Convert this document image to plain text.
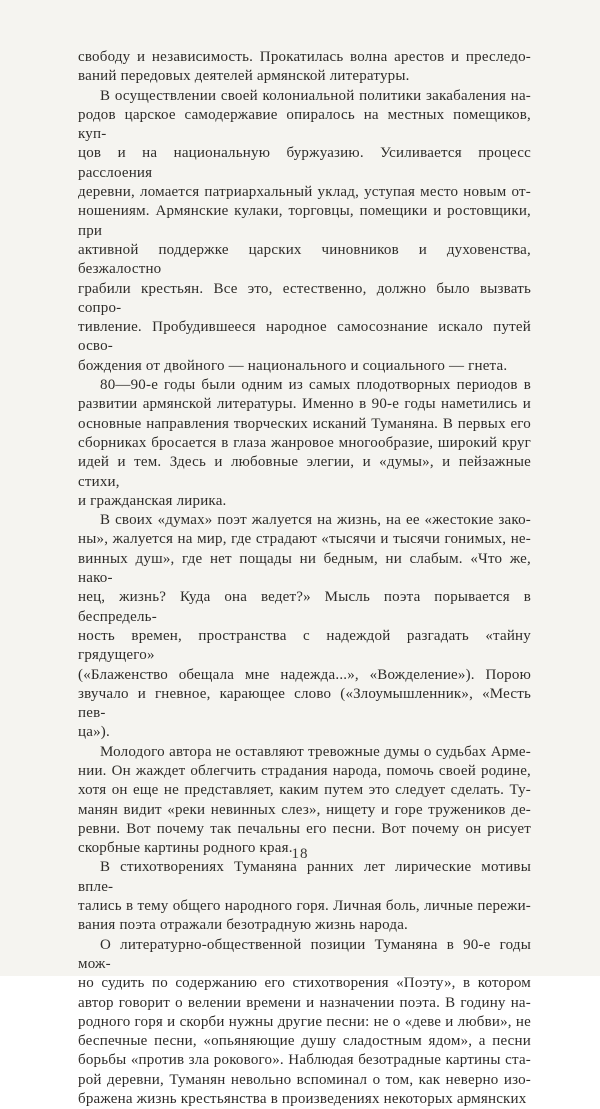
свободу и независимость. Прокатилась волна арестов и преследо-
ваний передовых деятелей армянской литературы.
В осуществлении своей колониальной политики закабаления на-
родов царское самодержавие опиралось на местных помещиков, куп-
цов и на национальную буржуазию. Усиливается процесс расслоения
деревни, ломается патриархальный уклад, уступая место новым от-
ношениям. Армянские кулаки, торговцы, помещики и ростовщики, при
активной поддержке царских чиновников и духовенства, безжалостно
грабили крестьян. Все это, естественно, должно было вызвать сопро-
тивление. Пробудившееся народное самосознание искало путей осво-
бождения от двойного — национального и социального — гнета.
80—90-е годы были одним из самых плодотворных периодов в
развитии армянской литературы. Именно в 90-е годы наметились и
основные направления творческих исканий Туманяна. В первых его
сборниках бросается в глаза жанровое многообразие, широкий круг
идей и тем. Здесь и любовные элегии, и «думы», и пейзажные стихи,
и гражданская лирика.
В своих «думах» поэт жалуется на жизнь, на ее «жестокие зако-
ны», жалуется на мир, где страдают «тысячи и тысячи гонимых, не-
винных душ», где нет пощады ни бедным, ни слабым. «Что же, нако-
нец, жизнь? Куда она ведет?» Мысль поэта порывается в беспредель-
ность времен, пространства с надеждой разгадать «тайну грядущего»
(«Блаженство обещала мне надежда...», «Вожделение»). Порою
звучало и гневное, карающее слово («Злоумышленник», «Месть пев-
ца»).
Молодого автора не оставляют тревожные думы о судьбах Арме-
нии. Он жаждет облегчить страдания народа, помочь своей родине,
хотя он еще не представляет, каким путем это следует сделать. Ту-
манян видит «реки невинных слез», нищету и горе тружеников де-
ревни. Вот почему так печальны его песни. Вот почему он рисует
скорбные картины родного края.
В стихотворениях Туманяна ранних лет лирические мотивы впле-
тались в тему общего народного горя. Личная боль, личные пережи-
вания поэта отражали безотрадную жизнь народа.
О литературно-общественной позиции Туманяна в 90-е годы мож-
но судить по содержанию его стихотворения «Поэту», в котором
автор говорит о велении времени и назначении поэта. В годину на-
родного горя и скорби нужны другие песни: не о «деве и любви», не
беспечные песни, «опьяняющие душу сладостным ядом», а песни
борьбы «против зла рокового». Наблюдая безотрадные картины ста-
рой деревни, Туманян невольно вспоминал о том, как неверно изо-
бражена жизнь крестьянства в произведениях некоторых армянских
18
